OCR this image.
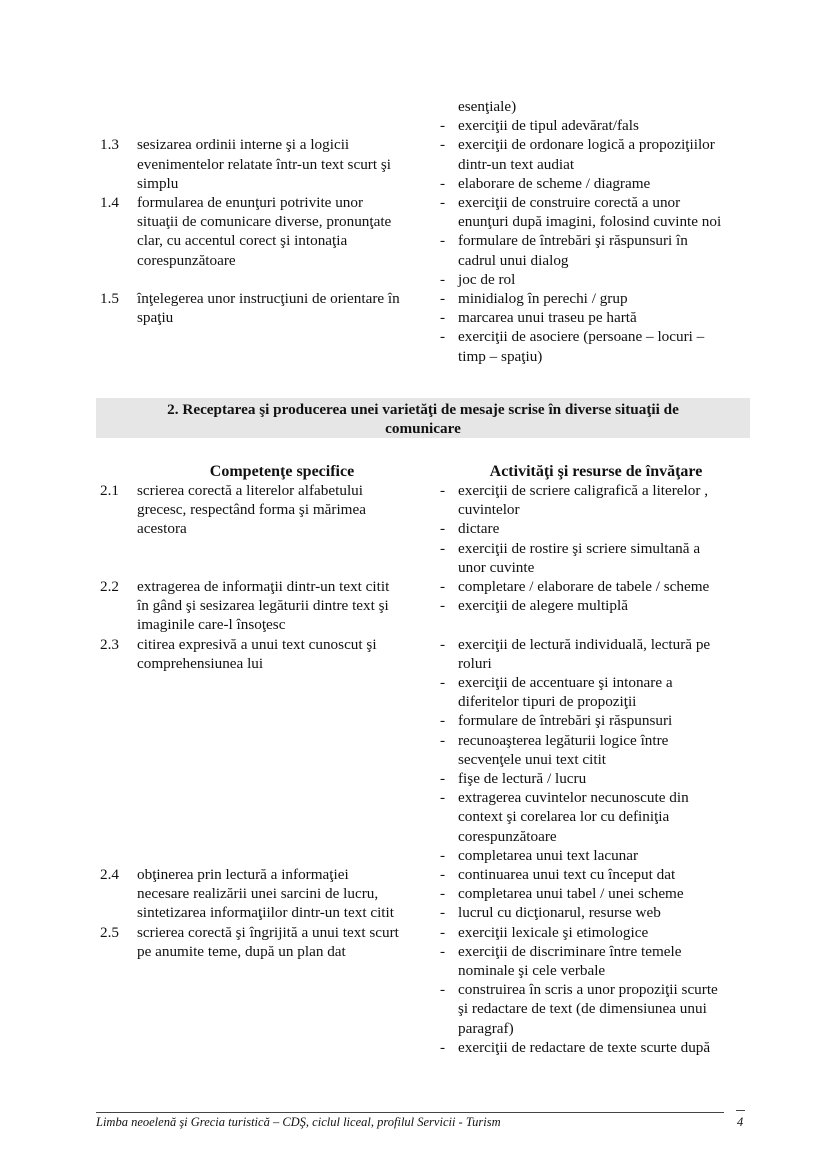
esenţiale)
- exerciţii de tipul adevărat/fals
1.3 sesizarea ordinii interne şi a logicii	- exerciţii de ordonare logică a propoziţiilor
evenimentelor relatate într-un text scurt şi	dintr-un text audiat
simplu	- elaborare de scheme / diagrame
1.4 formularea de enunţuri potrivite unor	- exerciţii de construire corectă a unor
situaţii de comunicare diverse, pronunţate	enunţuri după imagini, folosind cuvinte noi
clar, cu accentul corect şi intonaţia	- formulare de întrebări şi răspunsuri în
corespunzătoare	cadrul unui dialog
- joc de rol
1.5 înţelegerea unor instrucţiuni de orientare în	- minidialog în perechi / grup
spaţiu	- marcarea unui traseu pe hartă
- exerciţii de asociere (persoane – locuri –
timp – spaţiu)
2. Receptarea şi producerea unei varietăţi de mesaje scrise în diverse situaţii de
comunicare
Competenţe specifice	Activităţi şi resurse de învăţare
2.1 scrierea corectă a literelor alfabetului	- exerciţii de scriere caligrafică a literelor ,
grecesc, respectând forma şi mărimea	cuvintelor
acestora	- dictare
- exerciţii de rostire şi scriere simultană a
unor cuvinte
2.2 extragerea de informaţii dintr-un text citit	- completare / elaborare de tabele / scheme
în gând şi sesizarea legăturii dintre text şi	- exerciţii de alegere multiplă
imaginile care-l însoţesc
2.3 citirea expresivă a unui text cunoscut şi	- exerciţii de lectură individuală, lectură pe
comprehensiunea lui	roluri
- exerciţii de accentuare şi intonare a
diferitelor tipuri de propoziţii
- formulare de întrebări şi răspunsuri
- recunoaşterea legăturii logice între
secvenţele unui text citit
- fişe de lectură / lucru
- extragerea cuvintelor necunoscute din
context şi corelarea lor cu definiţia
corespunzătoare
- completarea unui text lacunar
2.4 obţinerea prin lectură a informaţiei	- continuarea unui text cu început dat
necesare realizării unei sarcini de lucru,	- completarea unui tabel / unei scheme
sintetizarea informaţiilor dintr-un text citit	- lucrul cu dicţionarul, resurse web
2.5 scrierea corectă şi îngrijită a unui text scurt	- exerciţii lexicale şi etimologice
pe anumite teme, după un plan dat	- exerciţii de discriminare între temele
nominale şi cele verbale
- construirea în scris a unor propoziţii scurte
şi redactare de text (de dimensiunea unui
paragraf)
- exerciţii de redactare de texte scurte după
Limba neoelenă şi Grecia turistică – CDŞ, ciclul liceal, profilul Servicii - Turism	4
